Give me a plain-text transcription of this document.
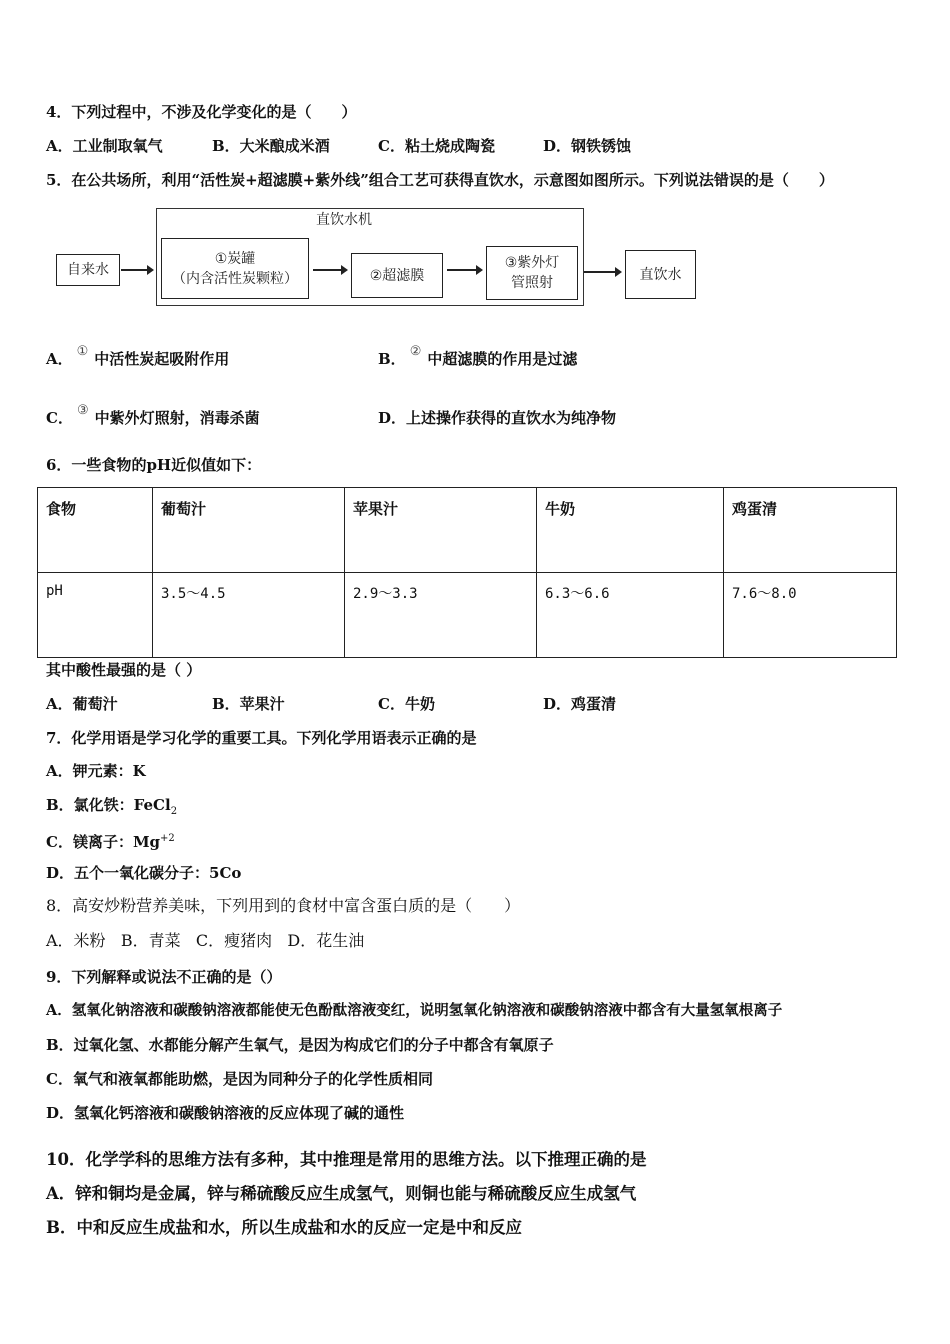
4．下列过程中，不涉及化学变化的是（　　）
A．工业制取氧气	B．大米酿成米酒	C．粘土烧成陶瓷	D．钢铁锈蚀
5．在公共场所，利用“活性炭+超滤膜+紫外线”组合工艺可获得直饮水，示意图如图所示。下列说法错误的是（　　）
直饮水机
自来水
①炭罐
（内含活性炭颗粒）	②超滤膜
③紫外灯
管照射
直饮水
A． ① 中活性炭起吸附作用	B． ② 中超滤膜的作用是过滤
C． ③ 中紫外灯照射，消毒杀菌	D．上述操作获得的直饮水为纯净物
6．一些食物的pH近似值如下：
食物	葡萄汁	苹果汁	牛奶	鸡蛋清
pH	3.5～4.5	2.9～3.3	6.3～6.6	7.6～8.0
其中酸性最强的是（ ）
A．葡萄汁	B．苹果汁	C．牛奶	D．鸡蛋清
7．化学用语是学习化学的重要工具。下列化学用语表示正确的是
A．钾元素：K
B．氯化铁：FeCl$_2$
C．镁离子：$Mg^{+2}$
D．五个一氧化碳分子：5Co
8．高安炒粉营养美味，下列用到的食材中富含蛋白质的是（　　）
A．米粉 B．青菜 C．瘦猪肉 D．花生油
9．下列解释或说法不正确的是（）
A．氢氧化钠溶液和碳酸钠溶液都能使无色酚酞溶液变红，说明氢氧化钠溶液和碳酸钠溶液中都含有大量氢氧根离子
B．过氧化氢、水都能分解产生氧气，是因为构成它们的分子中都含有氧原子
C．氧气和液氧都能助燃，是因为同种分子的化学性质相同
D．氢氧化钙溶液和碳酸钠溶液的反应体现了碱的通性
10．化学学科的思维方法有多种，其中推理是常用的思维方法。以下推理正确的是
A．锌和铜均是金属，锌与稀硫酸反应生成氢气，则铜也能与稀硫酸反应生成氢气
B．中和反应生成盐和水，所以生成盐和水的反应一定是中和反应
